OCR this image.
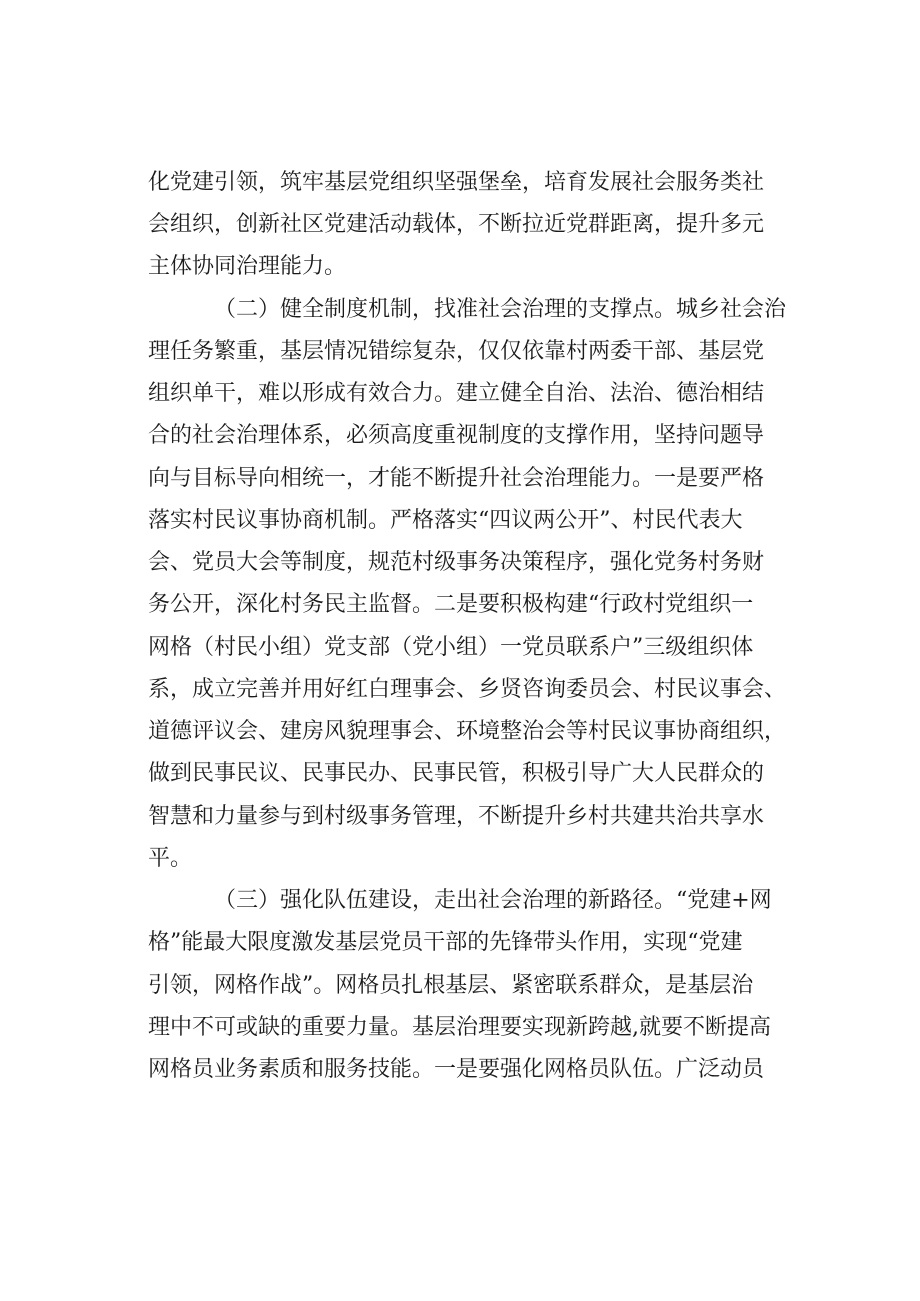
化党建引领，筑牢基层党组织坚强堡垒，培育发展社会服务类社
会组织，创新社区党建活动载体，不断拉近党群距离，提升多元
主体协同治理能力。
（二）健全制度机制，找准社会治理的支撑点。城乡社会治
理任务繁重，基层情况错综复杂，仅仅依靠村两委干部、基层党
组织单干，难以形成有效合力。建立健全自治、法治、德治相结
合的社会治理体系，必须高度重视制度的支撑作用，坚持问题导
向与目标导向相统一，才能不断提升社会治理能力。一是要严格
落实村民议事协商机制。严格落实“四议两公开”、村民代表大
会、党员大会等制度，规范村级事务决策程序，强化党务村务财
务公开，深化村务民主监督。二是要积极构建“行政村党组织一
网格（村民小组）党支部（党小组）一党员联系户”三级组织体
系，成立完善并用好红白理事会、乡贤咨询委员会、村民议事会、
道德评议会、建房风貌理事会、环境整治会等村民议事协商组织，
做到民事民议、民事民办、民事民管，积极引导广大人民群众的
智慧和力量参与到村级事务管理，不断提升乡村共建共治共享水
平。
（三）强化队伍建设，走出社会治理的新路径。“党建+网
格”能最大限度激发基层党员干部的先锋带头作用，实现“党建
引领，网格作战”。网格员扎根基层、紧密联系群众，是基层治
理中不可或缺的重要力量。基层治理要实现新跨越,就要不断提高
网格员业务素质和服务技能。一是要强化网格员队伍。广泛动员
